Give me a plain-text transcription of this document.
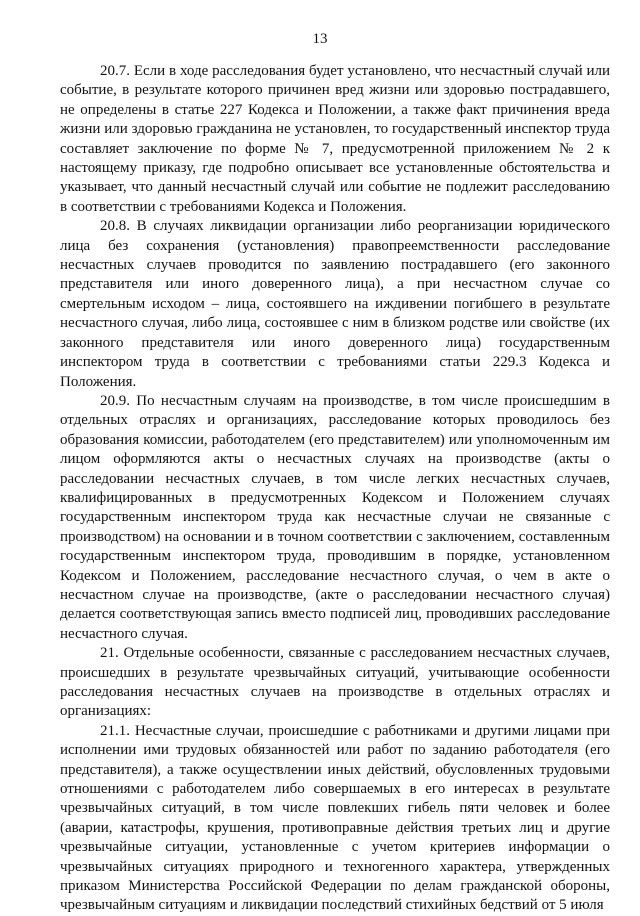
13

20.7. Если в ходе расследования будет установлено, что несчастный случай или событие, в результате которого причинен вред жизни или здоровью пострадавшего, не определены в статье 227 Кодекса и Положении, а также факт причинения вреда жизни или здоровью гражданина не установлен, то государственный инспектор труда составляет заключение по форме № 7, предусмотренной приложением № 2 к настоящему приказу, где подробно описывает все установленные обстоятельства и указывает, что данный несчастный случай или событие не подлежит расследованию в соответствии с требованиями Кодекса и Положения.

20.8. В случаях ликвидации организации либо реорганизации юридического лица без сохранения (установления) правопреемственности расследование несчастных случаев проводится по заявлению пострадавшего (его законного представителя или иного доверенного лица), а при несчастном случае со смертельным исходом – лица, состоявшего на иждивении погибшего в результате несчастного случая, либо лица, состоявшее с ним в близком родстве или свойстве (их законного представителя или иного доверенного лица) государственным инспектором труда в соответствии с требованиями статьи 229.3 Кодекса и Положения.

20.9. По несчастным случаям на производстве, в том числе происшедшим в отдельных отраслях и организациях, расследование которых проводилось без образования комиссии, работодателем (его представителем) или уполномоченным им лицом оформляются акты о несчастных случаях на производстве (акты о расследовании несчастных случаев, в том числе легких несчастных случаев, квалифицированных в предусмотренных Кодексом и Положением случаях государственным инспектором труда как несчастные случаи не связанные с производством) на основании и в точном соответствии с заключением, составленным государственным инспектором труда, проводившим в порядке, установленном Кодексом и Положением, расследование несчастного случая, о чем в акте о несчастном случае на производстве, (акте о расследовании несчастного случая) делается соответствующая запись вместо подписей лиц, проводивших расследование несчастного случая.

21. Отдельные особенности, связанные с расследованием несчастных случаев, происшедших в результате чрезвычайных ситуаций, учитывающие особенности расследования несчастных случаев на производстве в отдельных отраслях и организациях:

21.1. Несчастные случаи, происшедшие с работниками и другими лицами при исполнении ими трудовых обязанностей или работ по заданию работодателя (его представителя), а также осуществлении иных действий, обусловленных трудовыми отношениями с работодателем либо совершаемых в его интересах в результате чрезвычайных ситуаций, в том числе повлекших гибель пяти человек и более (аварии, катастрофы, крушения, противоправные действия третьих лиц и другие чрезвычайные ситуации, установленные с учетом критериев информации о чрезвычайных ситуациях природного и техногенного характера, утвержденных приказом Министерства Российской Федерации по делам гражданской обороны, чрезвычайным ситуациям и ликвидации последствий стихийных бедствий от 5 июля
